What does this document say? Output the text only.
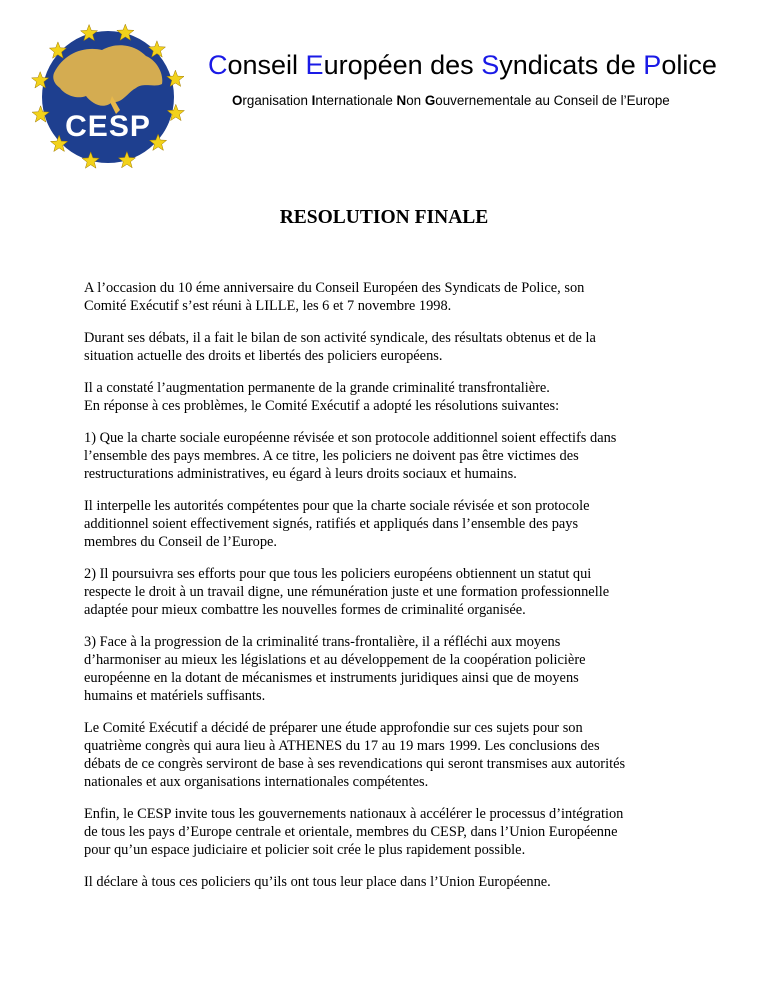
CESP
Conseil Européen des Syndicats de Police

Organisation Internationale Non Gouvernementale au Conseil de l’Europe

RESOLUTION FINALE

A l’occasion du 10 éme anniversaire du Conseil Européen des Syndicats de Police, son
Comité Exécutif s’est réuni à LILLE, les 6 et 7 novembre 1998.

Durant ses débats, il a fait le bilan de son activité syndicale, des résultats obtenus et de la
situation actuelle des droits et libertés des policiers européens.

Il a constaté l’augmentation permanente de la grande criminalité transfrontalière.
En réponse à ces problèmes, le Comité Exécutif a adopté les résolutions suivantes:

1) Que la charte sociale européenne révisée et son protocole additionnel soient effectifs dans
l’ensemble des pays membres. A ce titre, les policiers ne doivent pas être victimes des
restructurations administratives, eu égard à leurs droits sociaux et humains.

Il interpelle les autorités compétentes pour que la charte sociale révisée et son protocole
additionnel soient effectivement signés, ratifiés et appliqués dans l’ensemble des pays
membres du Conseil de l’Europe.

2) Il poursuivra ses efforts pour que tous les policiers européens obtiennent un statut qui
respecte le droit à un travail digne, une rémunération juste et une formation professionnelle
adaptée pour mieux combattre les nouvelles formes de criminalité organisée.

3) Face à la progression de la criminalité trans-frontalière, il a réfléchi aux moyens
d’harmoniser au mieux les législations et au développement de la coopération policière
européenne en la dotant de mécanismes et instruments juridiques ainsi que de moyens
humains et matériels suffisants.

Le Comité Exécutif a décidé de préparer une étude approfondie sur ces sujets pour son
quatrième congrès qui aura lieu à ATHENES du 17 au 19 mars 1999. Les conclusions des
débats de ce congrès serviront de base à ses revendications qui seront transmises aux autorités
nationales et aux organisations internationales compétentes.

Enfin, le CESP invite tous les gouvernements nationaux à accélérer le processus d’intégration
de tous les pays d’Europe centrale et orientale, membres du CESP, dans l’Union Européenne
pour qu’un espace judiciaire et policier soit crée le plus rapidement possible.

Il déclare à tous ces policiers qu’ils ont tous leur place dans l’Union Européenne.
